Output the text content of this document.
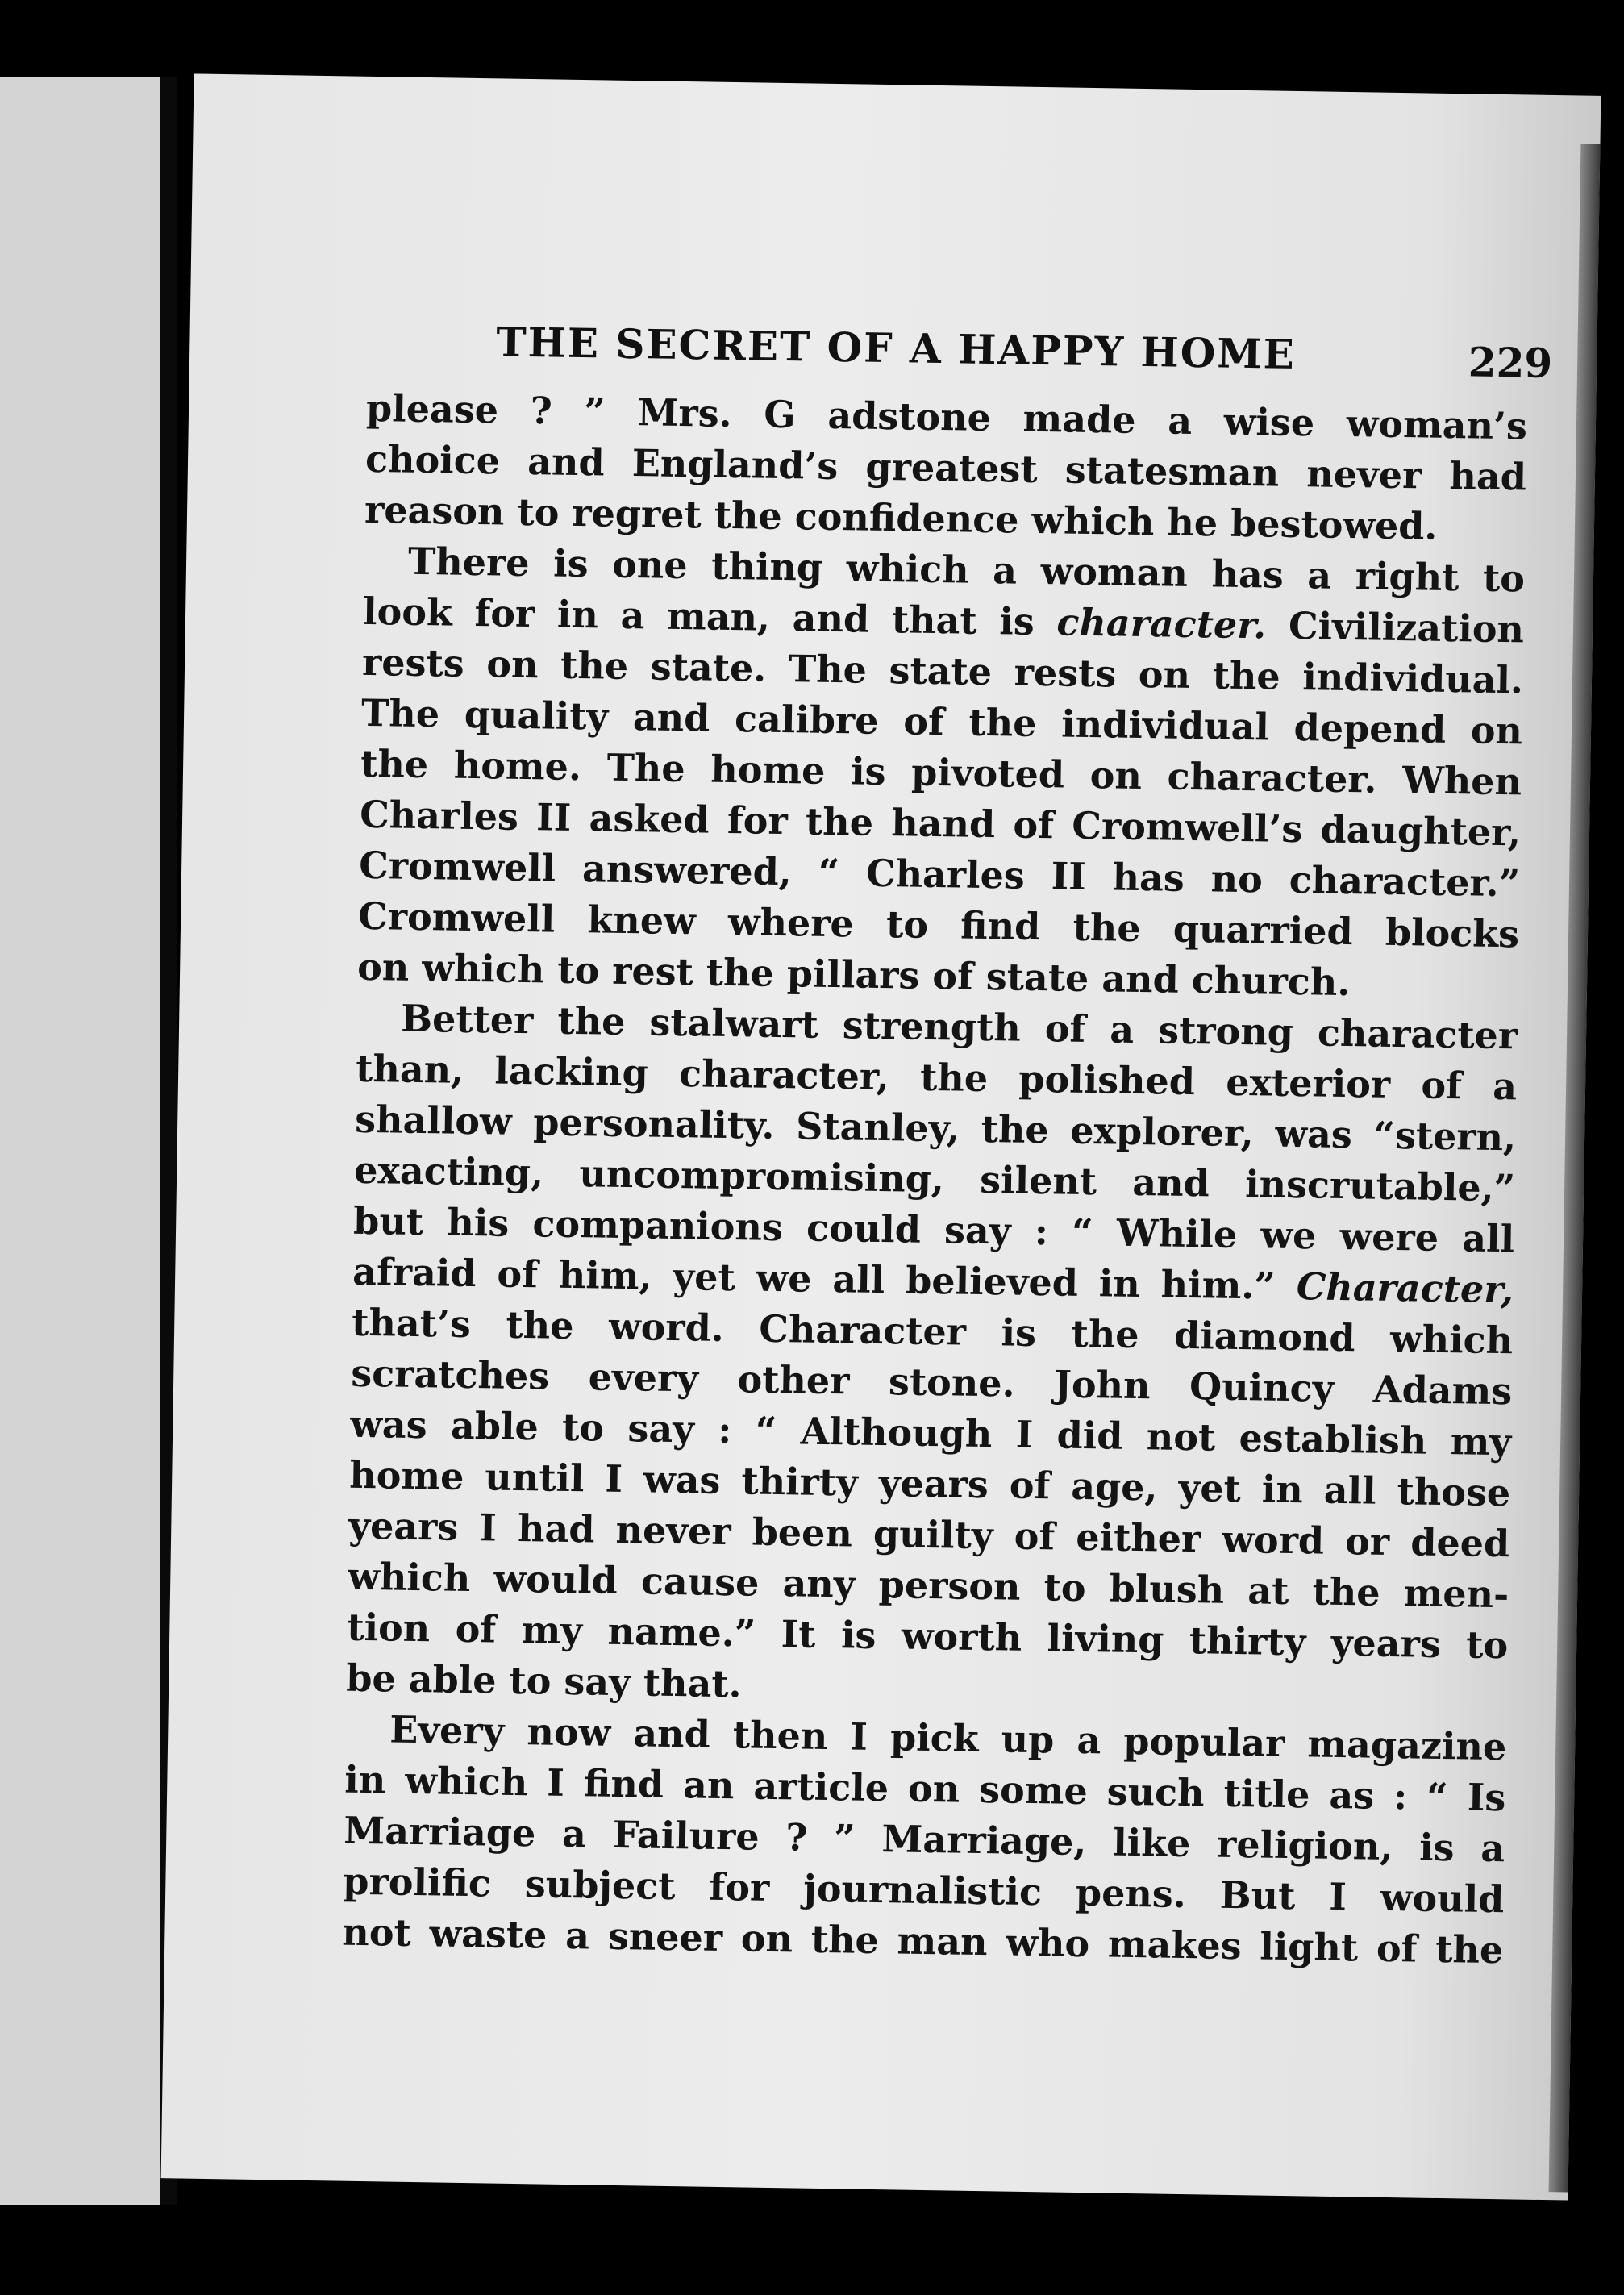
THE SECRET OF A HAPPY HOME	229

please ? ” Mrs. G adstone made a wise woman’s

choice and England’s greatest statesman never had

reason to regret the confidence which he bestowed.

There is one thing which a woman has a right to

look for in a man, and that is character. Civilization

rests on the state. The state rests on the individual.

The quality and calibre of the individual depend on

the home. The home is pivoted on character. When

Charles II asked for the hand of Cromwell’s daughter,

Cromwell answered, “ Charles II has no character.”

Cromwell knew where to find the quarried blocks

on which to rest the pillars of state and church.

Better the stalwart strength of a strong character

than, lacking character, the polished exterior of a

shallow personality. Stanley, the explorer, was “stern,

exacting, uncompromising, silent and inscrutable,”

but his companions could say : “ While we were all

afraid of him, yet we all believed in him.” Character,

that’s the word. Character is the diamond which

scratches every other stone. John Quincy Adams

was able to say : “ Although I did not establish my

home until I was thirty years of age, yet in all those

years I had never been guilty of either word or deed

which would cause any person to blush at the men-

tion of my name.” It is worth living thirty years to

be able to say that.

Every now and then I pick up a popular magazine

in which I find an article on some such title as : “ Is

Marriage a Failure ? ” Marriage, like religion, is a

prolific subject for journalistic pens. But I would

not waste a sneer on the man who makes light of the
